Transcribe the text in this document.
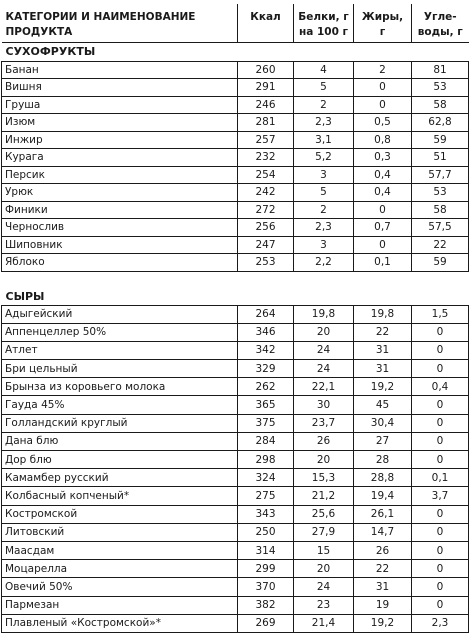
КАТЕГОРИИ И НАИМЕНОВАНИЕ ПРОДУКТА	Ккал	Белки, г на 100 г	Жиры, г	Угле-воды, г
СУХОФРУКТЫ				
Банан	260	4	2	81
Вишня	291	5	0	53
Груша	246	2	0	58
Изюм	281	2,3	0,5	62,8
Инжир	257	3,1	0,8	59
Курага	232	5,2	0,3	51
Персик	254	3	0,4	57,7
Урюк	242	5	0,4	53
Финики	272	2	0	58
Чернослив	256	2,3	0,7	57,5
Шиповник	247	3	0	22
Яблоко	253	2,2	0,1	59

СЫРЫ				
Адыгейский	264	19,8	19,8	1,5
Аппенцеллер 50%	346	20	22	0
Атлет	342	24	31	0
Бри цельный	329	24	31	0
Брынза из коровьего молока	262	22,1	19,2	0,4
Гауда 45%	365	30	45	0
Голландский круглый	375	23,7	30,4	0
Дана блю	284	26	27	0
Дор блю	298	20	28	0
Камамбер русский	324	15,3	28,8	0,1
Колбасный копченый*	275	21,2	19,4	3,7
Костромской	343	25,6	26,1	0
Литовский	250	27,9	14,7	0
Маасдам	314	15	26	0
Моцарелла	299	20	22	0
Овечий 50%	370	24	31	0
Пармезан	382	23	19	0
Плавленый «Костромской»*	269	21,4	19,2	2,3
